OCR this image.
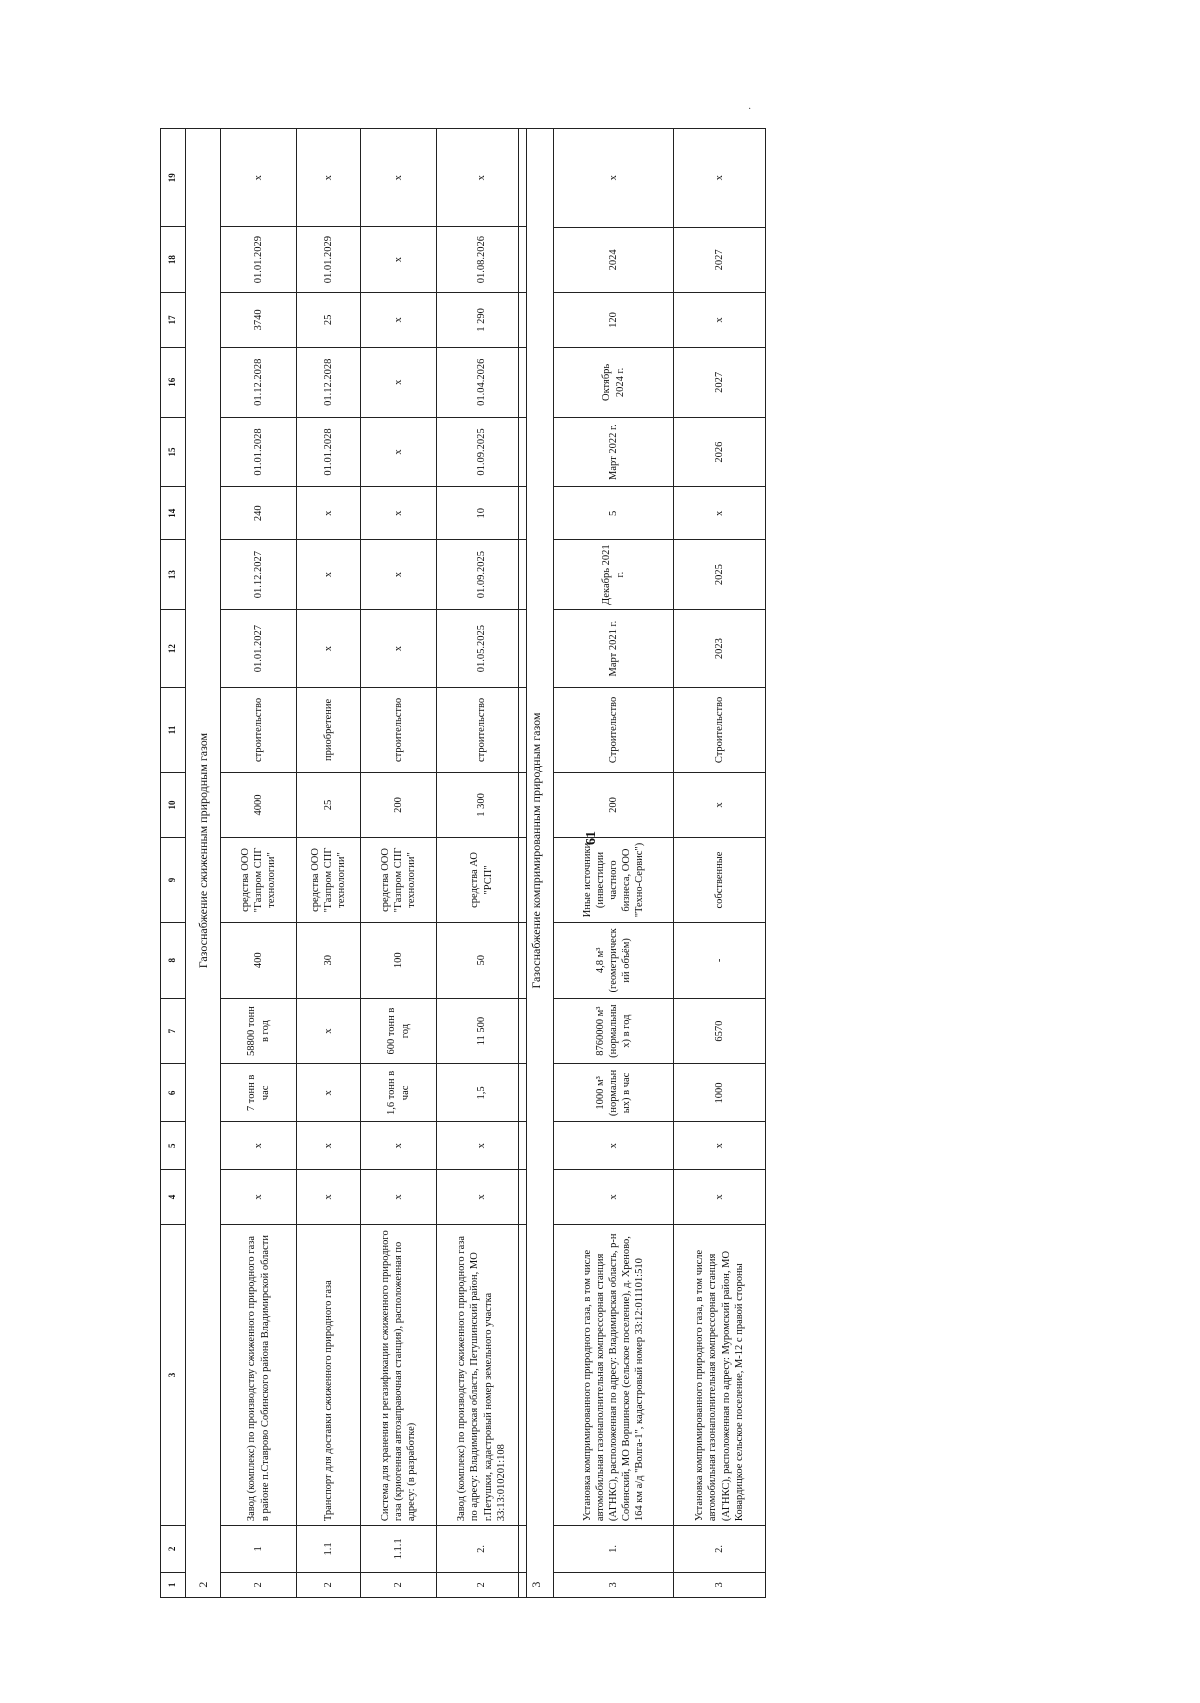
61
·
1	2	3	4	5	6	7	8	9	10	11	12	13	14	15	16	17	18	19
2	Газоснабжение сжиженным природным газом																	
2	1	Завод (комплекс) по производству сжиженного природного газа в районе п.Ставрово Собинского района Владимирской области	x	x	7 тонн в час	58800 тонн в год	400	средства ООО "Газпром СПГ технологии"	4000	строительство	01.01.2027	01.12.2027	240	01.01.2028	01.12.2028	3740	01.01.2029	x
2	1.1	Транспорт для доставки сжиженного природного газа	x	x	x	x	30	средства ООО "Газпром СПГ технологии"	25	приобретение	x	x	x	01.01.2028	01.12.2028	25	01.01.2029	x
2	1.1.1	Система для хранения и регазификации сжиженного природного газа (криогенная автозаправочная станция), расположенная по адресу: (в разработке)	x	x	1,6 тонн в час	600 тонн в год	100	средства ООО "Газпром СПГ технологии"	200	строительство	x	x	x	x	x	x	x	x
2	2.	Завод (комплекс) по производству сжиженного природного газа по адресу: Владимирская область, Петушинский район, МО г.Петушки, кадастровый номер земельного участка 33:13:010201:108	x	x	1,5	11 500	50	средства АО "РСП"	1 300	строительство	01.05.2025	01.09.2025	10	01.09.2025	01.04.2026	1 290	01.08.2026	x
3	Газоснабжение компримированным природным газом																	
3	1.	Установка компримированного природного газа, в том числе автомобильная газонаполнительная компрессорная станция (АГНКС), расположенная по адресу: Владимирская область, р-н Собинский, МО Воршинское (сельское поселение), д. Хреново, 164 км а/д "Волга-1", кадастровый номер 33:12:011101:510	x	x	1000 м³ (нормальных) в час	8760000 м³ (нормальных) в год	4,8 м³ (геометрический объём)	Иные источники (инвестиции частного бизнеса, ООО "Техно-Сервис")	200	Строительство	Март 2021 г.	Декабрь 2021 г.	5	Март 2022 г.	Октябрь 2024 г.	120	2024	x
3	2.	Установка компримированного природного газа, в том числе автомобильная газонаполнительная компрессорная станция (АГНКС), расположенная по адресу: Муромский район, МО Ковардицкое сельское поселение, М-12 с правой стороны	x	x	1000	6570	-	собственные	x	Строительство	2023	2025	x	2026	2027	x	2027	x
